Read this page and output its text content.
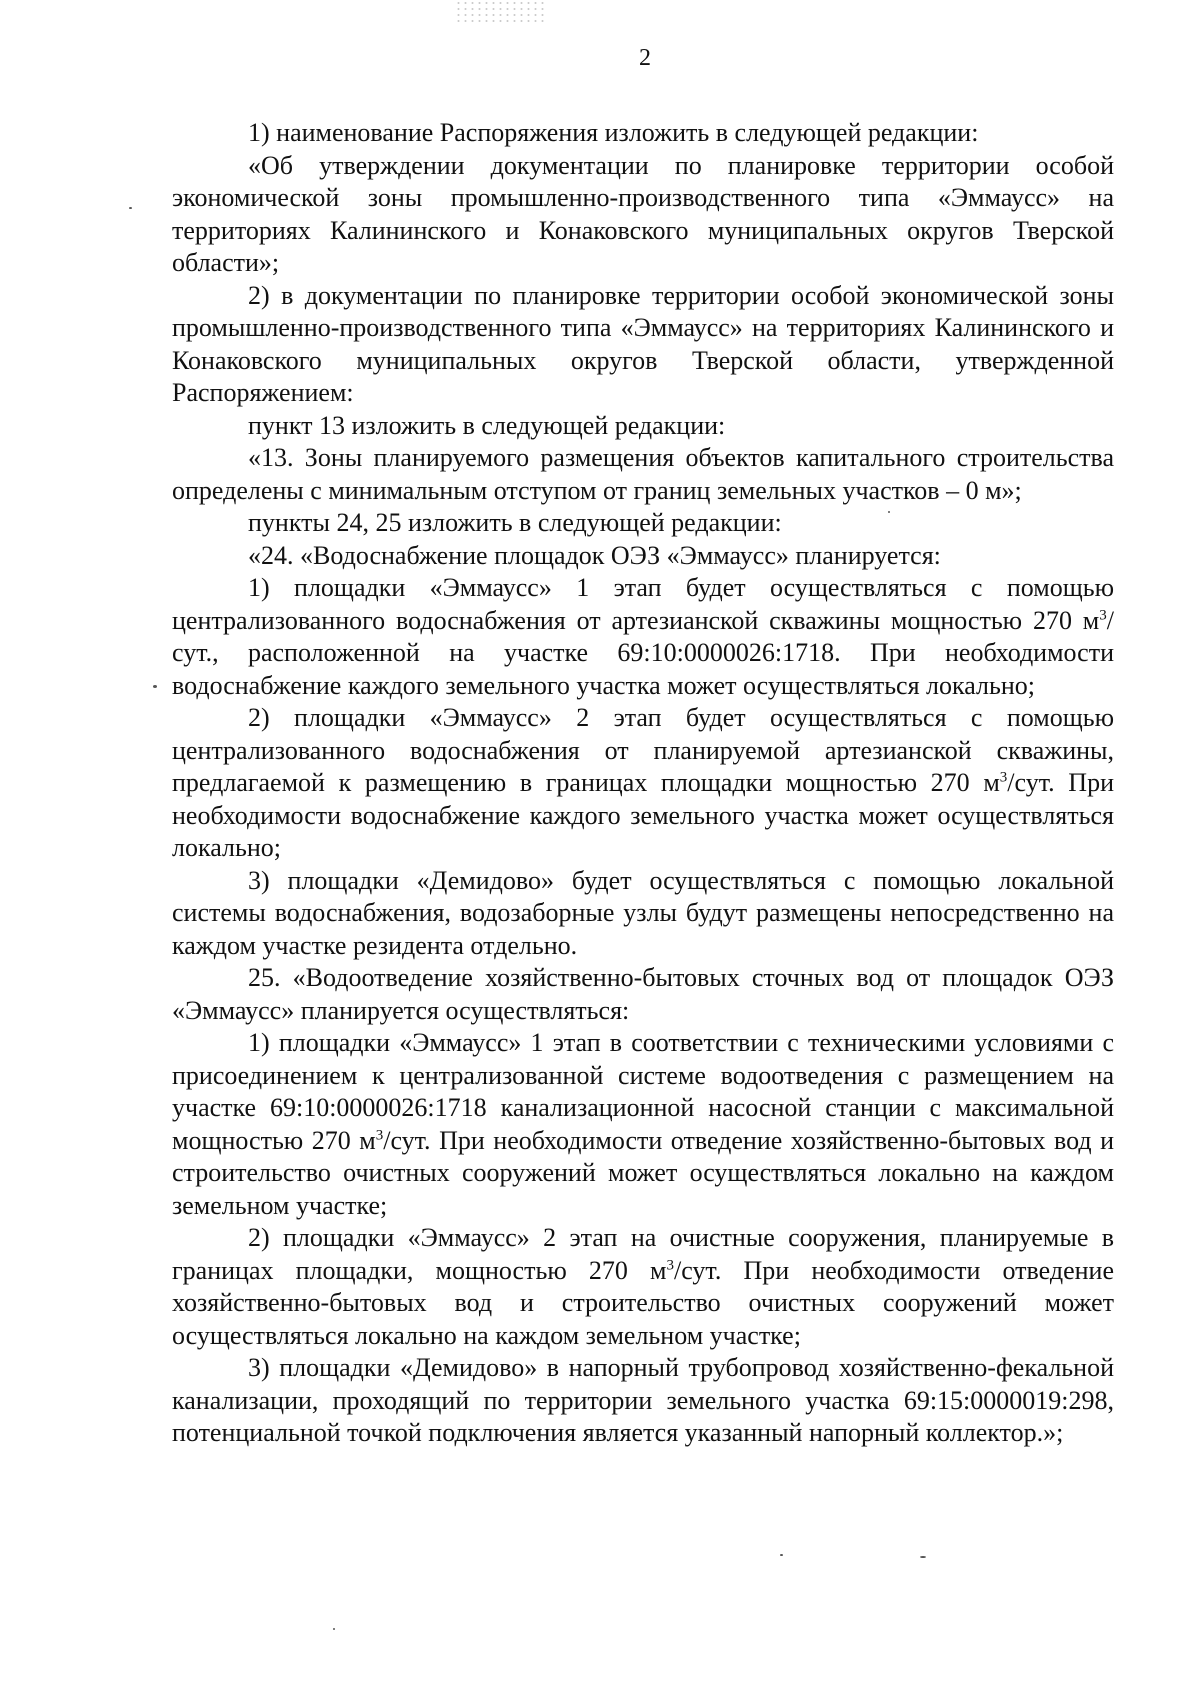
2

1) наименование Распоряжения изложить в следующей редакции:

«Об утверждении документации по планировке территории особой экономической зоны промышленно-производственного типа «Эммаусс» на территориях Калининского и Конаковского муниципальных округов Тверской области»;

2) в документации по планировке территории особой экономической зоны промышленно-производственного типа «Эммаусс» на территориях Калининского и Конаковского муниципальных округов Тверской области, утвержденной Распоряжением:

пункт 13 изложить в следующей редакции:

«13. Зоны планируемого размещения объектов капитального строительства определены с минимальным отступом от границ земельных участков – 0 м»;

пункты 24, 25 изложить в следующей редакции:

«24. «Водоснабжение площадок ОЭЗ «Эммаусс» планируется:

1) площадки «Эммаусс» 1 этап будет осуществляться с помощью централизованного водоснабжения от артезианской скважины мощностью 270 $м^3$/сут., расположенной на участке 69:10:0000026:1718. При необходимости водоснабжение каждого земельного участка может осуществляться локально;

2) площадки «Эммаусс» 2 этап будет осуществляться с помощью централизованного водоснабжения от планируемой артезианской скважины, предлагаемой к размещению в границах площадки мощностью 270 $м^3$/сут. При необходимости водоснабжение каждого земельного участка может осуществляться локально;

3) площадки «Демидово» будет осуществляться с помощью локальной системы водоснабжения, водозаборные узлы будут размещены непосредственно на каждом участке резидента отдельно.

25. «Водоотведение хозяйственно-бытовых сточных вод от площадок ОЭЗ «Эммаусс» планируется осуществляться:

1) площадки «Эммаусс» 1 этап в соответствии с техническими условиями с присоединением к централизованной системе водоотведения с размещением на участке 69:10:0000026:1718 канализационной насосной станции с максимальной мощностью 270 $м^3$/сут. При необходимости отведение хозяйственно-бытовых вод и строительство очистных сооружений может осуществляться локально на каждом земельном участке;

2) площадки «Эммаусс» 2 этап на очистные сооружения, планируемые в границах площадки, мощностью 270 $м^3$/сут. При необходимости отведение хозяйственно-бытовых вод и строительство очистных сооружений может осуществляться локально на каждом земельном участке;

3) площадки «Демидово» в напорный трубопровод хозяйственно-фекальной канализации, проходящий по территории земельного участка 69:15:0000019:298, потенциальной точкой подключения является указанный напорный коллектор.»;
